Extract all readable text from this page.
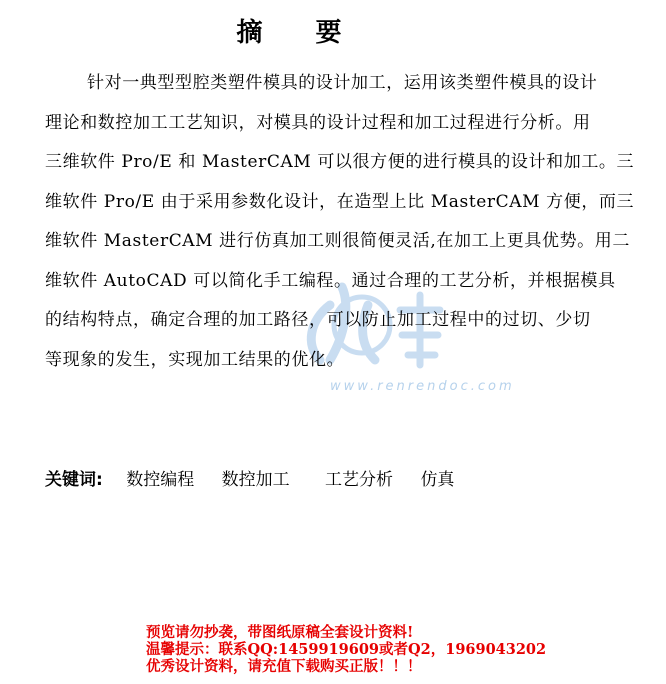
摘 要

针对一典型型腔类塑件模具的设计加工，运用该类塑件模具的设计
理论和数控加工工艺知识，对模具的设计过程和加工过程进行分析。用
三维软件 Pro/E 和 MasterCAM 可以很方便的进行模具的设计和加工。三
维软件 Pro/E 由于采用参数化设计，在造型上比 MasterCAM 方便，而三
维软件 MasterCAM 进行仿真加工则很简便灵活,在加工上更具优势。用二
维软件 AutoCAD 可以简化手工编程。通过合理的工艺分析，并根据模具
的结构特点，确定合理的加工路径，可以防止加工过程中的过切、少切
等现象的发生，实现加工结果的优化。

关键词: 数控编程 数控加工 工艺分析 仿真
www.renrendoc.com
预览请勿抄袭，带图纸原稿全套设计资料!
温馨提示：联系QQ:1459919609或者Q2，1969043202
优秀设计资料，请充值下载购买正版！！！
